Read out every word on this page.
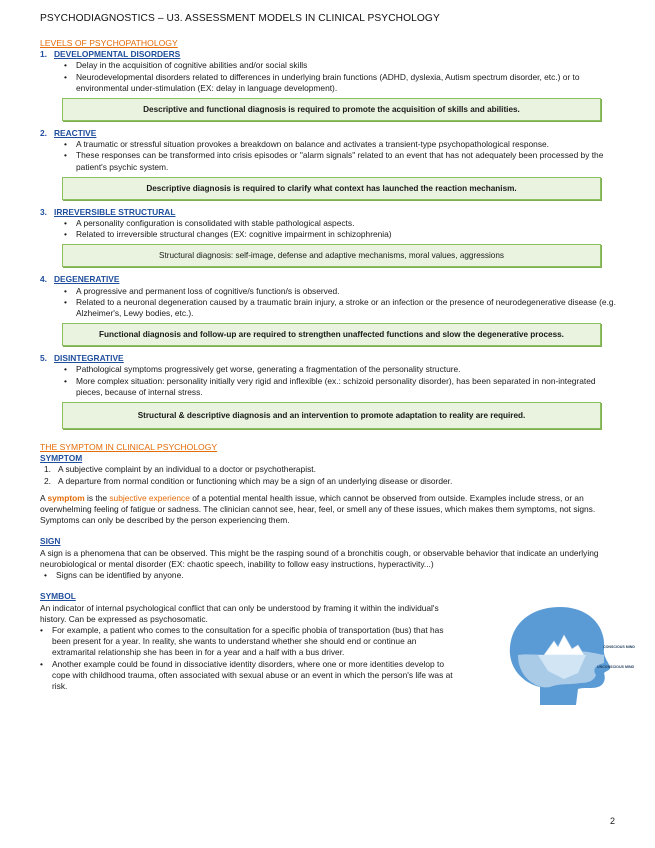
PSYCHODIAGNOSTICS – U3. ASSESSMENT MODELS IN CLINICAL PSYCHOLOGY

LEVELS OF PSYCHOPATHOLOGY

1. DEVELOPMENTAL DISORDERS

• Delay in the acquisition of cognitive abilities and/or social skills
• Neurodevelopmental disorders related to differences in underlying brain functions (ADHD, dyslexia, Autism spectrum disorder, etc.) or to environmental under-stimulation (EX: delay in language development).
Descriptive and functional diagnosis is required to promote the acquisition of skills and abilities.

2. REACTIVE

• A traumatic or stressful situation provokes a breakdown on balance and activates a transient-type psychopathological response.
• These responses can be transformed into crisis episodes or "alarm signals" related to an event that has not adequately been processed by the patient's psychic system.
Descriptive diagnosis is required to clarify what context has launched the reaction mechanism.

3. IRREVERSIBLE STRUCTURAL

• A personality configuration is consolidated with stable pathological aspects.
• Related to irreversible structural changes (EX: cognitive impairment in schizophrenia)
Structural diagnosis: self-image, defense and adaptive mechanisms, moral values, aggressions

4. DEGENERATIVE

• A progressive and permanent loss of cognitive/s function/s is observed.
• Related to a neuronal degeneration caused by a traumatic brain injury, a stroke or an infection or the presence of neurodegenerative disease (e.g. Alzheimer's, Lewy bodies, etc.).
Functional diagnosis and follow-up are required to strengthen unaffected functions and slow the degenerative process.

5. DISINTEGRATIVE

• Pathological symptoms progressively get worse, generating a fragmentation of the personality structure.
• More complex situation: personality initially very rigid and inflexible (ex.: schizoid personality disorder), has been separated in non-integrated pieces, because of internal stress.
Structural & descriptive diagnosis and an intervention to promote adaptation to reality are required.

THE SYMPTOM IN CLINICAL PSYCHOLOGY

SYMPTOM

1. A subjective complaint by an individual to a doctor or psychotherapist.
2. A departure from normal condition or functioning which may be a sign of an underlying disease or disorder.

A symptom is the subjective experience of a potential mental health issue, which cannot be observed from outside. Examples include stress, or an overwhelming feeling of fatigue or sadness. The clinician cannot see, hear, feel, or smell any of these issues, which makes them symptoms, not signs. Symptoms can only be described by the person experiencing them.

SIGN

A sign is a phenomena that can be observed. This might be the rasping sound of a bronchitis cough, or observable behavior that indicate an underlying neurobiological or mental disorder (EX: chaotic speech, inability to follow easy instructions, hyperactivity...)

• Signs can be identified by anyone.

SYMBOL

An indicator of internal psychological conflict that can only be understood by framing it within the individual's history. Can be expressed as psychosomatic.

• For example, a patient who comes to the consultation for a specific phobia of transportation (bus) that has been present for a year. In reality, she wants to understand whether she should end or continue an extramarital relationship she has been in for a year and a half with a bus driver.
• Another example could be found in dissociative identity disorders, where one or more identities develop to cope with childhood trauma, often associated with sexual abuse or an event in which the person's life was at risk.
CONSCIOUS MIND
UNCONSCIOUS MIND
2
